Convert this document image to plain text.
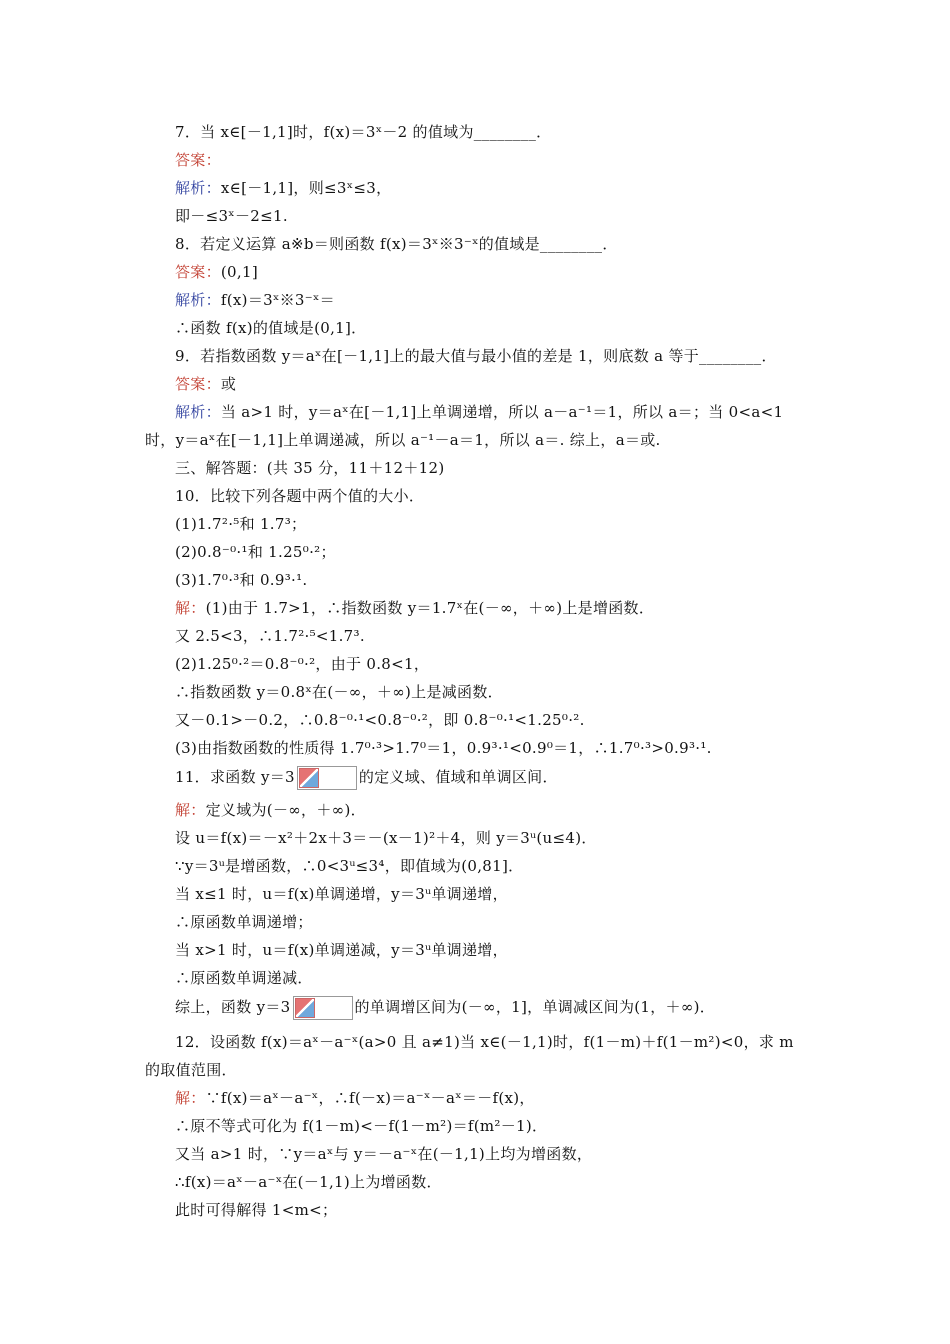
7．当 x∈[－1,1]时，f(x)＝3ˣ－2 的值域为________．
答案：
解析：x∈[－1,1]，则≤3ˣ≤3，
即－≤3ˣ－2≤1.
8．若定义运算 a※b＝则函数 f(x)＝3ˣ※3⁻ˣ的值域是________．
答案：(0,1]
解析：f(x)＝3ˣ※3⁻ˣ＝
∴函数 f(x)的值域是(0,1]．
9．若指数函数 y＝aˣ在[－1,1]上的最大值与最小值的差是 1，则底数 a 等于________．
答案：或
解析：当 a>1 时，y＝aˣ在[－1,1]上单调递增，所以 a－a⁻¹＝1，所以 a＝；当 0<a<1
时，y＝aˣ在[－1,1]上单调递减，所以 a⁻¹－a＝1，所以 a＝. 综上，a＝或.
三、解答题：(共 35 分，11＋12＋12)
10．比较下列各题中两个值的大小．
(1)1.7²·⁵和 1.7³；
(2)0.8⁻⁰·¹和 1.25⁰·²；
(3)1.7⁰·³和 0.9³·¹.
解：(1)由于 1.7>1，∴指数函数 y＝1.7ˣ在(－∞，＋∞)上是增函数．
又 2.5<3，∴1.7²·⁵<1.7³.
(2)1.25⁰·²＝0.8⁻⁰·²，由于 0.8<1，
∴指数函数 y＝0.8ˣ在(－∞，＋∞)上是减函数．
又－0.1>－0.2，∴0.8⁻⁰·¹<0.8⁻⁰·²，即 0.8⁻⁰·¹<1.25⁰·².
(3)由指数函数的性质得 1.7⁰·³>1.7⁰＝1，0.9³·¹<0.9⁰＝1，∴1.7⁰·³>0.9³·¹.
11．求函数 y＝3	的定义域、值域和单调区间．
解：定义域为(－∞，＋∞)．
设 u＝f(x)＝－x²＋2x＋3＝－(x－1)²＋4，则 y＝3ᵘ(u≤4)．
∵y＝3ᵘ是增函数，∴0<3ᵘ≤3⁴，即值域为(0,81]．
当 x≤1 时，u＝f(x)单调递增，y＝3ᵘ单调递增，
∴原函数单调递增；
当 x>1 时，u＝f(x)单调递减，y＝3ᵘ单调递增，
∴原函数单调递减．
综上，函数 y＝3	的单调增区间为(－∞，1]，单调减区间为(1，＋∞)．
12．设函数 f(x)＝aˣ－a⁻ˣ(a>0 且 a≠1)当 x∈(－1,1)时，f(1－m)＋f(1－m²)<0，求 m
的取值范围．
解：∵f(x)＝aˣ－a⁻ˣ，∴f(－x)＝a⁻ˣ－aˣ＝－f(x)，
∴原不等式可化为 f(1－m)<－f(1－m²)＝f(m²－1)．
又当 a>1 时，∵y＝aˣ与 y＝－a⁻ˣ在(－1,1)上均为增函数，
∴f(x)＝aˣ－a⁻ˣ在(－1,1)上为增函数．
此时可得解得 1<m<；
